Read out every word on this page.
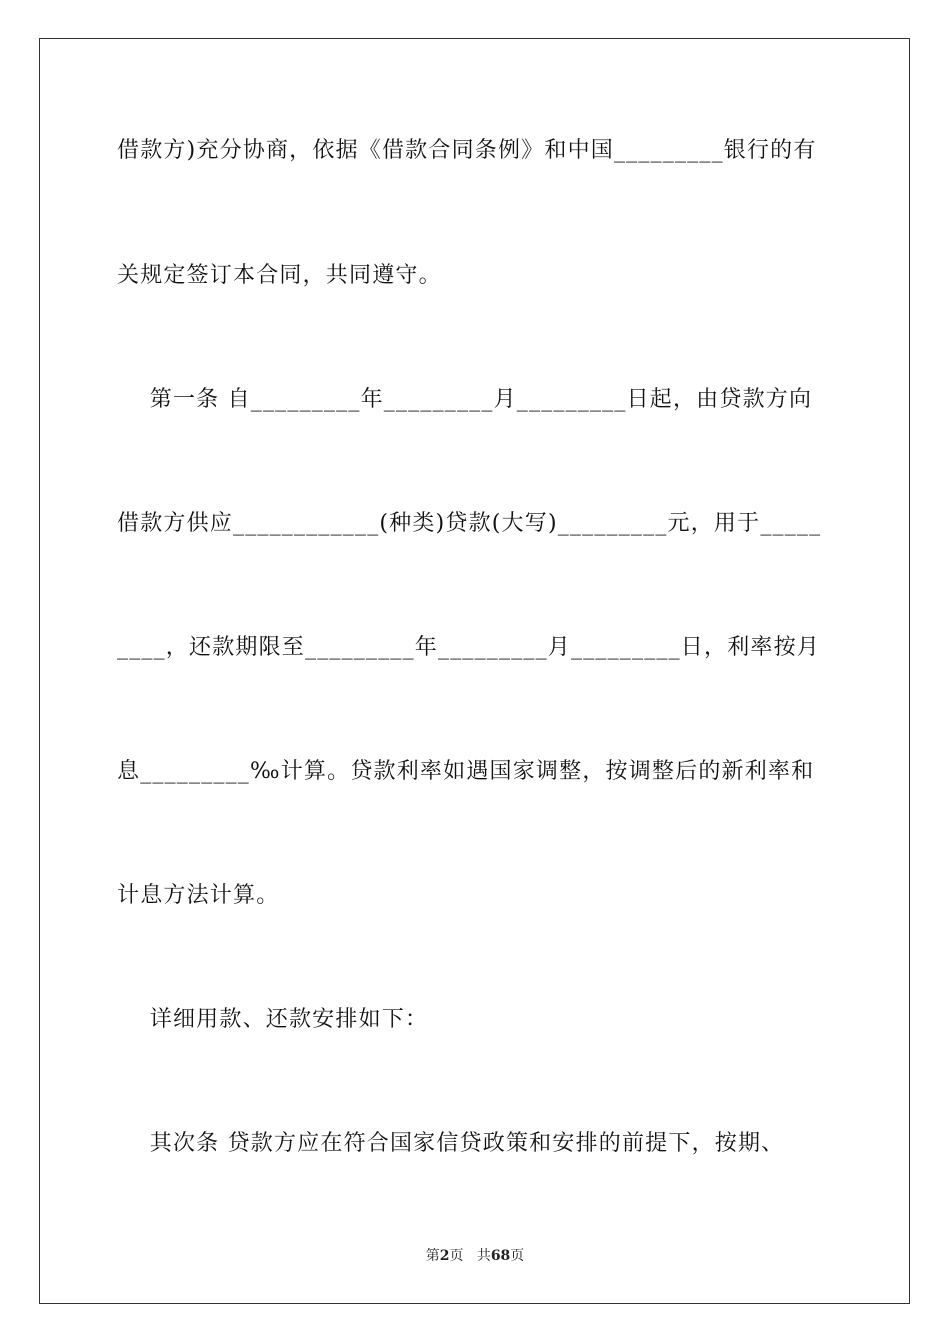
借款方)充分协商，依据《借款合同条例》和中国_________银行的有
关规定签订本合同，共同遵守。
第一条 自_________年_________月_________日起，由贷款方向
借款方供应____________(种类)贷款(大写)_________元，用于_____
____，还款期限至_________年_________月_________日，利率按月
息_________‰计算。贷款利率如遇国家调整，按调整后的新利率和
计息方法计算。
详细用款、还款安排如下：
其次条 贷款方应在符合国家信贷政策和安排的前提下，按期、
第2页 共68页
